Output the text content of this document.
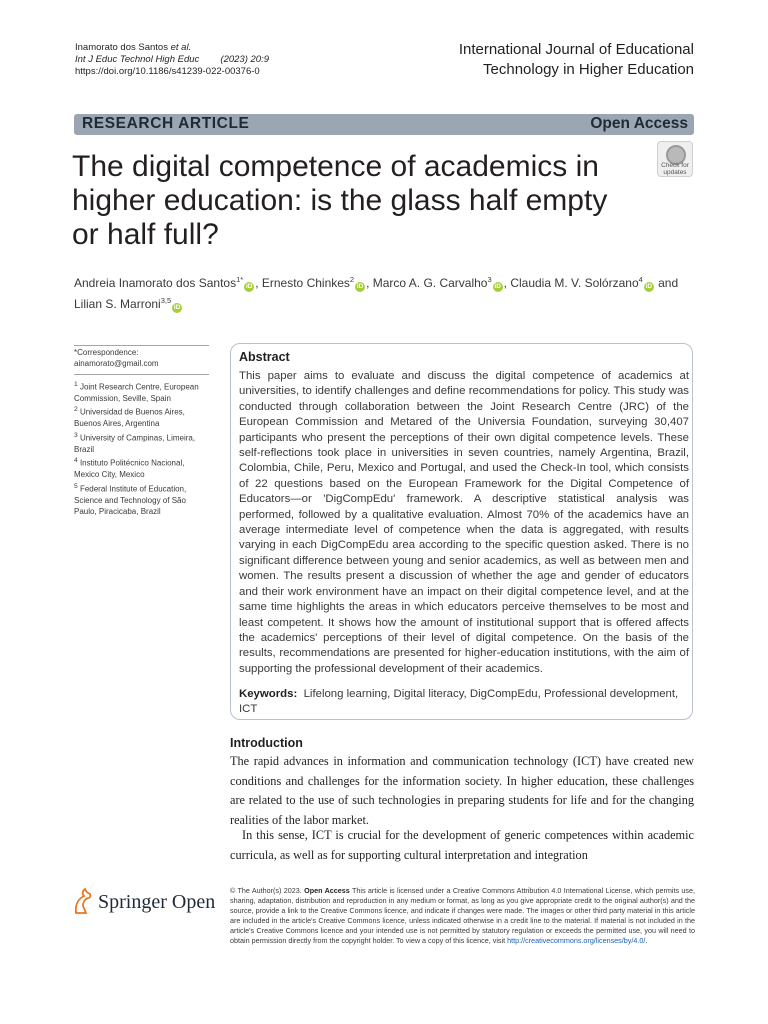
Inamorato dos Santos et al.
Int J Educ Technol High Educ (2023) 20:9
https://doi.org/10.1186/s41239-022-00376-0
International Journal of Educational
Technology in Higher Education
RESEARCH ARTICLE	Open Access
The digital competence of academics in higher education: is the glass half empty or half full?
Check for
updates
Andreia Inamorato dos Santos$^{1*}$iD , Ernesto Chinkes$^2$iD , Marco A. G. Carvalho$^3$iD , Claudia M. V. Solórzano$^4$iD and
Lilian S. Marroni$^{3,5}$iD
*Correspondence:
ainamorato@gmail.com
$^1$ Joint Research Centre, European Commission, Seville, Spain
$^2$ Universidad de Buenos Aires, Buenos Aires, Argentina
$^3$ University of Campinas, Limeira, Brazil
$^4$ Instituto Politécnico Nacional, Mexico City, Mexico
$^5$ Federal Institute of Education, Science and Technology of São Paulo, Piracicaba, Brazil
Abstract
This paper aims to evaluate and discuss the digital competence of academics at universities, to identify challenges and define recommendations for policy. This study was conducted through collaboration between the Joint Research Centre (JRC) of the European Commission and Metared of the Universia Foundation, surveying 30,407 participants who present the perceptions of their own digital competence levels. These self-reflections took place in universities in seven countries, namely Argentina, Brazil, Colombia, Chile, Peru, Mexico and Portugal, and used the Check-In tool, which consists of 22 questions based on the European Framework for the Digital Competence of Educators—or 'DigCompEdu' framework. A descriptive statistical analysis was performed, followed by a qualitative evaluation. Almost 70% of the academics have an average intermediate level of competence when the data is aggregated, with results varying in each DigCompEdu area according to the specific question asked. There is no significant difference between young and senior academics, as well as between men and women. The results present a discussion of whether the age and gender of educators and their work environment have an impact on their digital competence level, and at the same time highlights the areas in which educators perceive themselves to be most and least competent. It shows how the amount of institutional support that is offered affects the academics' perceptions of their level of digital competence. On the basis of the results, recommendations are presented for higher-education institutions, with the aim of supporting the professional development of their academics.
Keywords: Lifelong learning, Digital literacy, DigCompEdu, Professional development, ICT
Introduction

The rapid advances in information and communication technology (ICT) have created new conditions and challenges for the information society. In higher education, these challenges are related to the use of such technologies in preparing students for life and for the changing realities of the labor market.

In this sense, ICT is crucial for the development of generic competences within academic curricula, as well as for supporting cultural interpretation and integration

Springer Open
© The Author(s) 2023. Open Access This article is licensed under a Creative Commons Attribution 4.0 International License, which permits use, sharing, adaptation, distribution and reproduction in any medium or format, as long as you give appropriate credit to the original author(s) and the source, provide a link to the Creative Commons licence, and indicate if changes were made. The images or other third party material in this article are included in the article's Creative Commons licence, unless indicated otherwise in a credit line to the material. If material is not included in the article's Creative Commons licence and your intended use is not permitted by statutory regulation or exceeds the permitted use, you will need to obtain permission directly from the copyright holder. To view a copy of this licence, visit http://creativecommons.org/licenses/by/4.0/.
